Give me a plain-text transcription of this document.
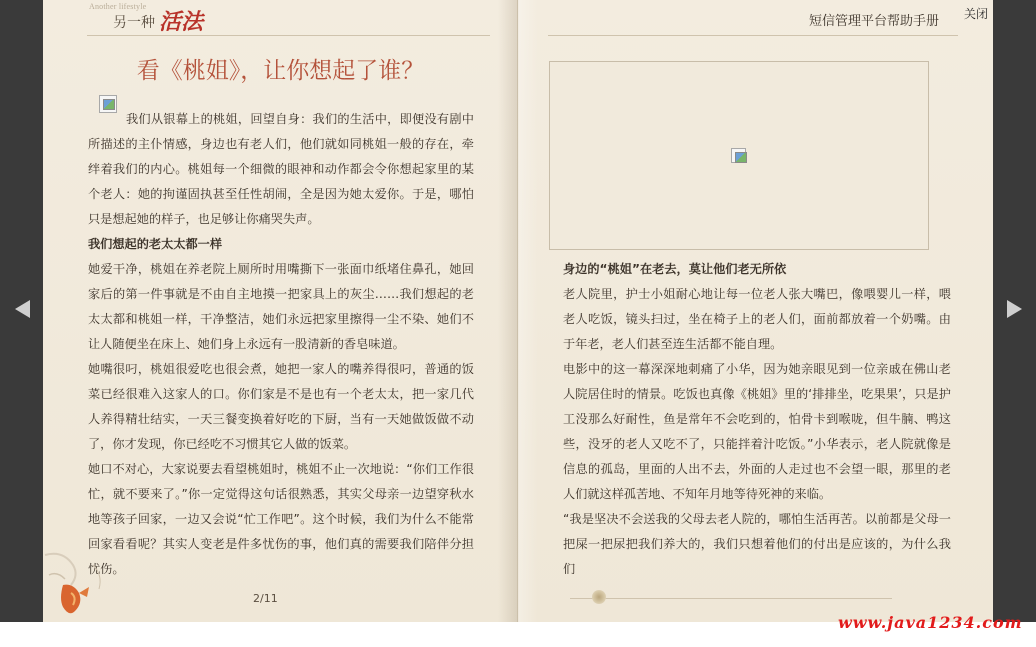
Another lifestyle
另一种 活法
看《桃姐》，让你想起了谁？

我们从银幕上的桃姐，回望自身：我们的生活中，即便没有剧中所描述的主仆情感，身边也有老人们，他们就如同桃姐一般的存在，牵绊着我们的内心。桃姐每一个细微的眼神和动作都会令你想起家里的某个老人：她的拘谨固执甚至任性胡闹，全是因为她太爱你。于是，哪怕只是想起她的样子，也足够让你痛哭失声。

我们想起的老太太都一样

她爱干净，桃姐在养老院上厕所时用嘴撕下一张面巾纸堵住鼻孔，她回家后的第一件事就是不由自主地摸一把家具上的灰尘……我们想起的老太太都和桃姐一样，干净整洁，她们永远把家里擦得一尘不染、她们不让人随便坐在床上、她们身上永远有一股清新的香皂味道。

她嘴很叼，桃姐很爱吃也很会煮，她把一家人的嘴养得很叼，普通的饭菜已经很难入这家人的口。你们家是不是也有一个老太太，把一家几代人养得精壮结实，一天三餐变换着好吃的下厨，当有一天她做饭做不动了，你才发现，你已经吃不习惯其它人做的饭菜。

她口不对心，大家说要去看望桃姐时，桃姐不止一次地说：“你们工作很忙，就不要来了。”你一定觉得这句话很熟悉，其实父母亲一边望穿秋水地等孩子回家，一边又会说“忙工作吧”。这个时候，我们为什么不能常回家看看呢？其实人变老是件多忧伤的事，他们真的需要我们陪伴分担忧伤。

2/11

身边的“桃姐”在老去，莫让他们老无所依

老人院里，护士小姐耐心地让每一位老人张大嘴巴，像喂婴儿一样，喂老人吃饭，镜头扫过，坐在椅子上的老人们，面前都放着一个奶嘴。由于年老，老人们甚至连生活都不能自理。

电影中的这一幕深深地刺痛了小华，因为她亲眼见到一位亲戚在佛山老人院居住时的情景。吃饭也真像《桃姐》里的‘排排坐，吃果果’，只是护工没那么好耐性，鱼是常年不会吃到的，怕骨卡到喉咙，但牛腩、鸭这些，没牙的老人又吃不了，只能拌着汁吃饭。”小华表示，老人院就像是信息的孤岛，里面的人出不去，外面的人走过也不会望一眼，那里的老人们就这样孤苦地、不知年月地等待死神的来临。

“我是坚决不会送我的父母去老人院的，哪怕生活再苦。以前都是父母一把屎一把尿把我们养大的，我们只想着他们的付出是应该的，为什么我们

短信管理平台帮助手册 关闭
www.java1234.com
